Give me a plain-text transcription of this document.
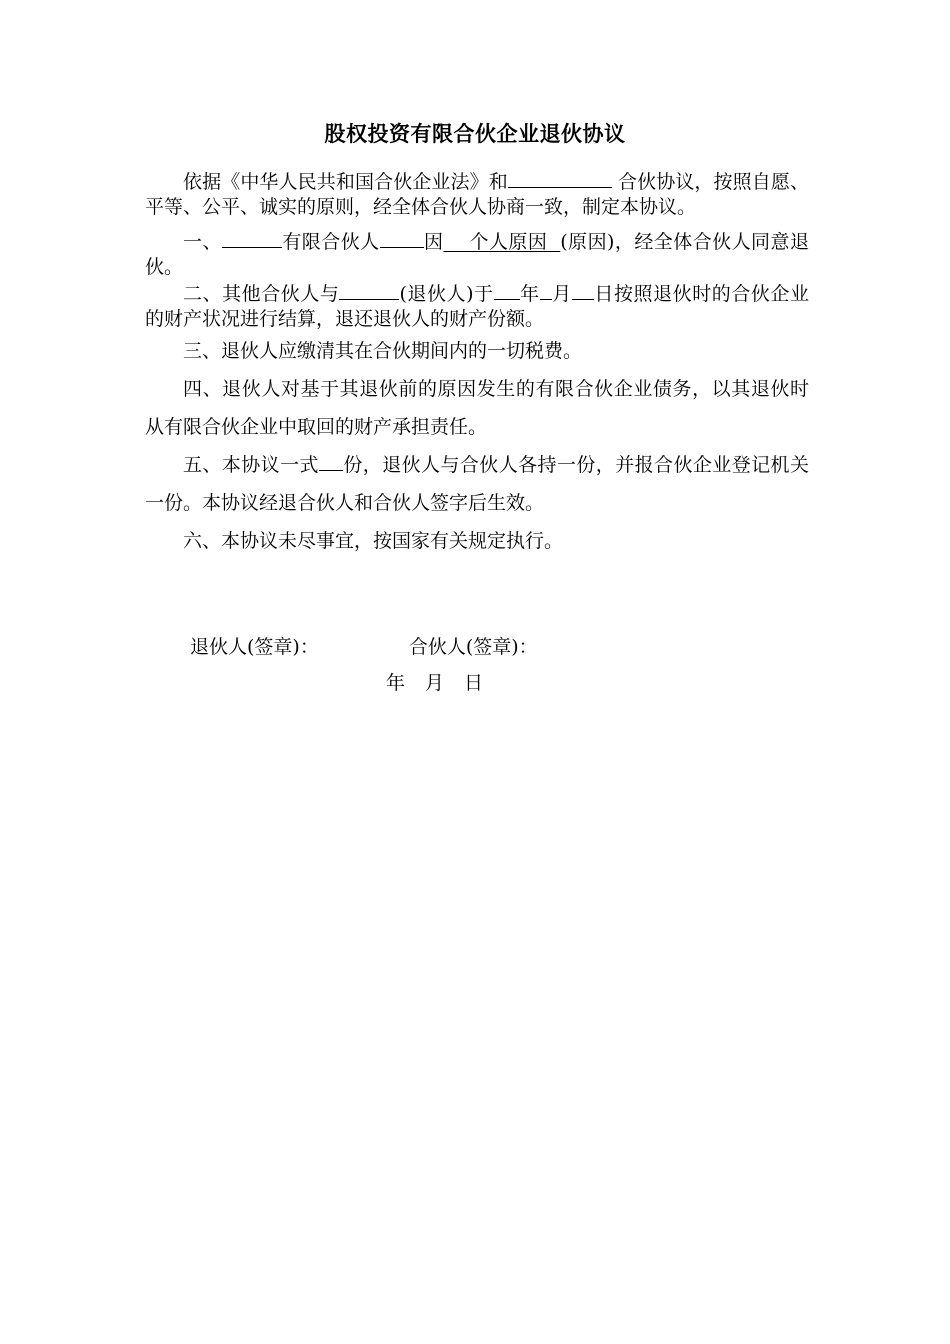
股权投资有限合伙企业退伙协议

依据《中华人民共和国合伙企业法》和	合伙协议，按照自愿、平等、公平、诚实的原则，经全体合伙人协商一致，制定本协议。

一、	有限合伙人 因 个人原因 (原因)，经全体合伙人同意退伙。

二、其他合伙人与	(退伙人)于 年 月 日按照退伙时的合伙企业的财产状况进行结算，退还退伙人的财产份额。

三、退伙人应缴清其在合伙期间内的一切税费。

四、退伙人对基于其退伙前的原因发生的有限合伙企业债务，以其退伙时从有限合伙企业中取回的财产承担责任。

五、本协议一式 份，退伙人与合伙人各持一份，并报合伙企业登记机关一份。本协议经退合伙人和合伙人签字后生效。

六、本协议未尽事宜，按国家有关规定执行。

退伙人(签章)：	合伙人(签章)：
年 月 日
